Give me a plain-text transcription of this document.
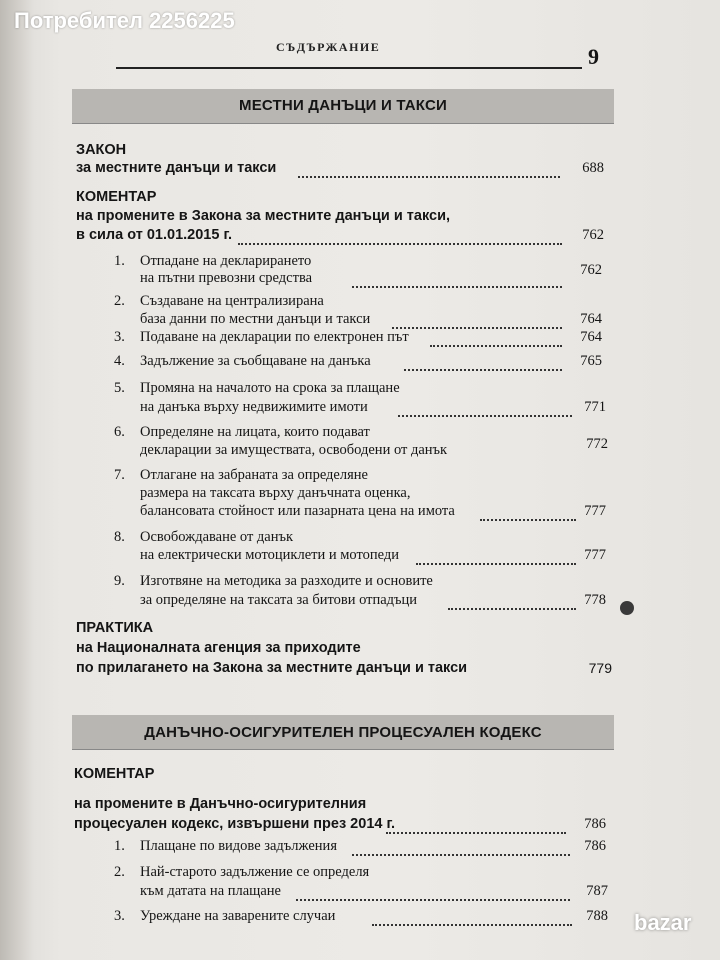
Потребител 2256225
СЪДЪРЖАНИЕ	9
МЕСТНИ ДАНЪЦИ И ТАКСИ
ЗАКОН
за местните данъци и такси	688
КОМЕНТАР
на промените в Закона за местните данъци и такси,
в сила от 01.01.2015 г.	762
1. Отпадане на декларирането
на пътни превозни средства	762
2. Създаване на централизирана
база данни по местни данъци и такси	764
3. Подаване на декларации по електронен път	764
4. Задължение за съобщаване на данъка	765
5. Промяна на началото на срока за плащане
на данъка върху недвижимите имоти	771
6. Определяне на лицата, които подават
декларации за имуществата, освободени от данък	772
7. Отлагане на забраната за определяне
размера на таксата върху данъчната оценка,
балансовата стойност или пазарната цена на имота	777
8. Освобождаване от данък
на електрически мотоциклети и мотопеди	777
9. Изготвяне на методика за разходите и основите
за определяне на таксата за битови отпадъци	778
ПРАКТИКА
на Националната агенция за приходите
по прилагането на Закона за местните данъци и такси	779
ДАНЪЧНО-ОСИГУРИТЕЛЕН ПРОЦЕСУАЛЕН КОДЕКС
КОМЕНТАР
на промените в Данъчно-осигурителния
процесуален кодекс, извършени през 2014 г.	786
1. Плащане по видове задължения	786
2. Най-старото задължение се определя
към датата на плащане	787
3. Уреждане на заварените случаи	788 bazar
